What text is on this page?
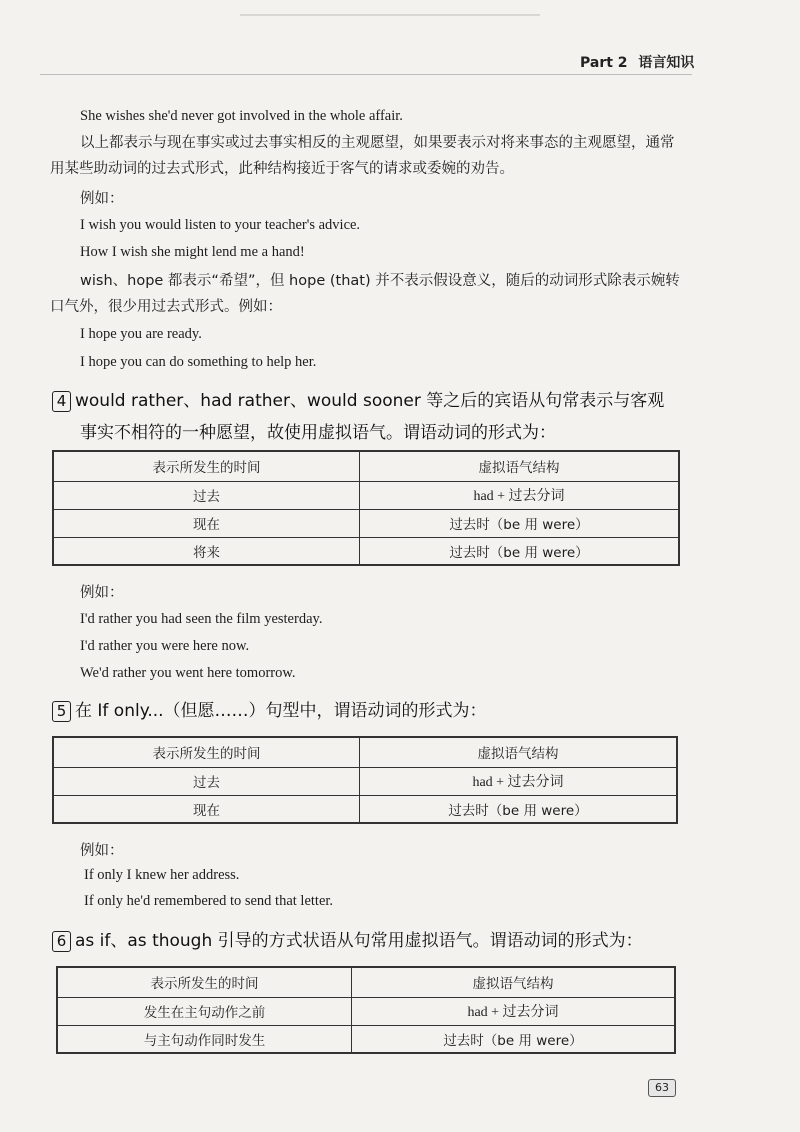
Part 2 语言知识
She wishes she'd never got involved in the whole affair.
以上都表示与现在事实或过去事实相反的主观愿望，如果要表示对将来事态的主观愿望，通常用某些助动词的过去式形式，此种结构接近于客气的请求或委婉的劝告。
例如：
I wish you would listen to your teacher's advice.
How I wish she might lend me a hand!
wish、hope 都表示“希望”，但 hope (that) 并不表示假设意义，随后的动词形式除表示婉转口气外，很少用过去式形式。例如：
I hope you are ready.
I hope you can do something to help her.
4 would rather、had rather、would sooner 等之后的宾语从句常表示与客观
事实不相符的一种愿望，故使用虚拟语气。谓语动词的形式为：
表示所发生的时间	虚拟语气结构
过去	had + 过去分词
现在	过去时（be 用 were）
将来	过去时（be 用 were）
例如：
I'd rather you had seen the film yesterday.
I'd rather you were here now.
We'd rather you went here tomorrow.
5 在 If only...（但愿……）句型中，谓语动词的形式为：
表示所发生的时间	虚拟语气结构
过去	had + 过去分词
现在	过去时（be 用 were）
例如：
If only I knew her address.
If only he'd remembered to send that letter.
6 as if、as though 引导的方式状语从句常用虚拟语气。谓语动词的形式为：
表示所发生的时间	虚拟语气结构
发生在主句动作之前	had + 过去分词
与主句动作同时发生	过去时（be 用 were）
63
